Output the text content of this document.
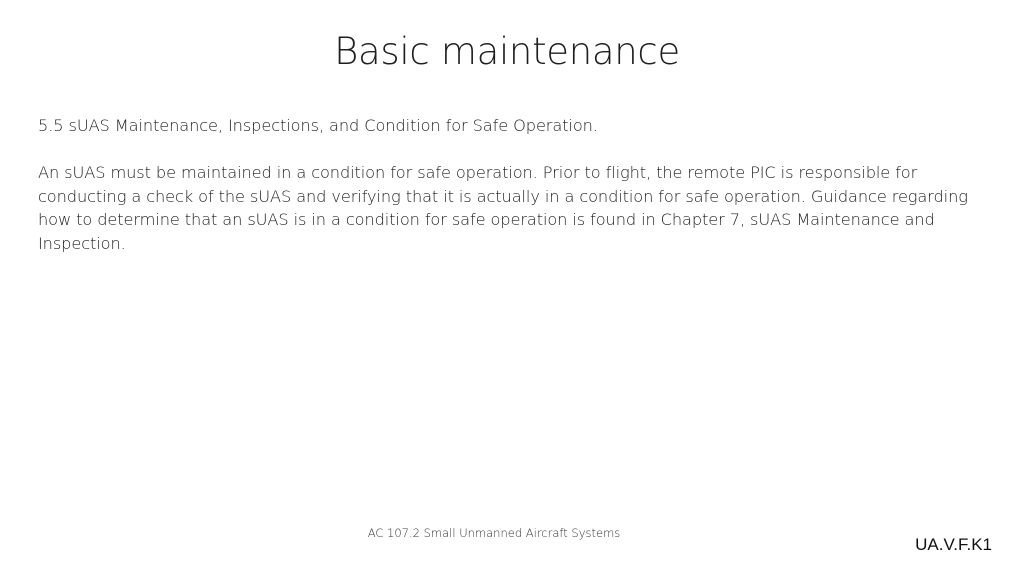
Basic maintenance

5.5 sUAS Maintenance, Inspections, and Condition for Safe Operation.

An sUAS must be maintained in a condition for safe operation. Prior to flight, the remote PIC is responsible for conducting a check of the sUAS and verifying that it is actually in a condition for safe operation. Guidance regarding how to determine that an sUAS is in a condition for safe operation is found in Chapter 7, sUAS Maintenance and Inspection.

AC 107.2 Small Unmanned Aircraft Systems
UA.V.F.K1
